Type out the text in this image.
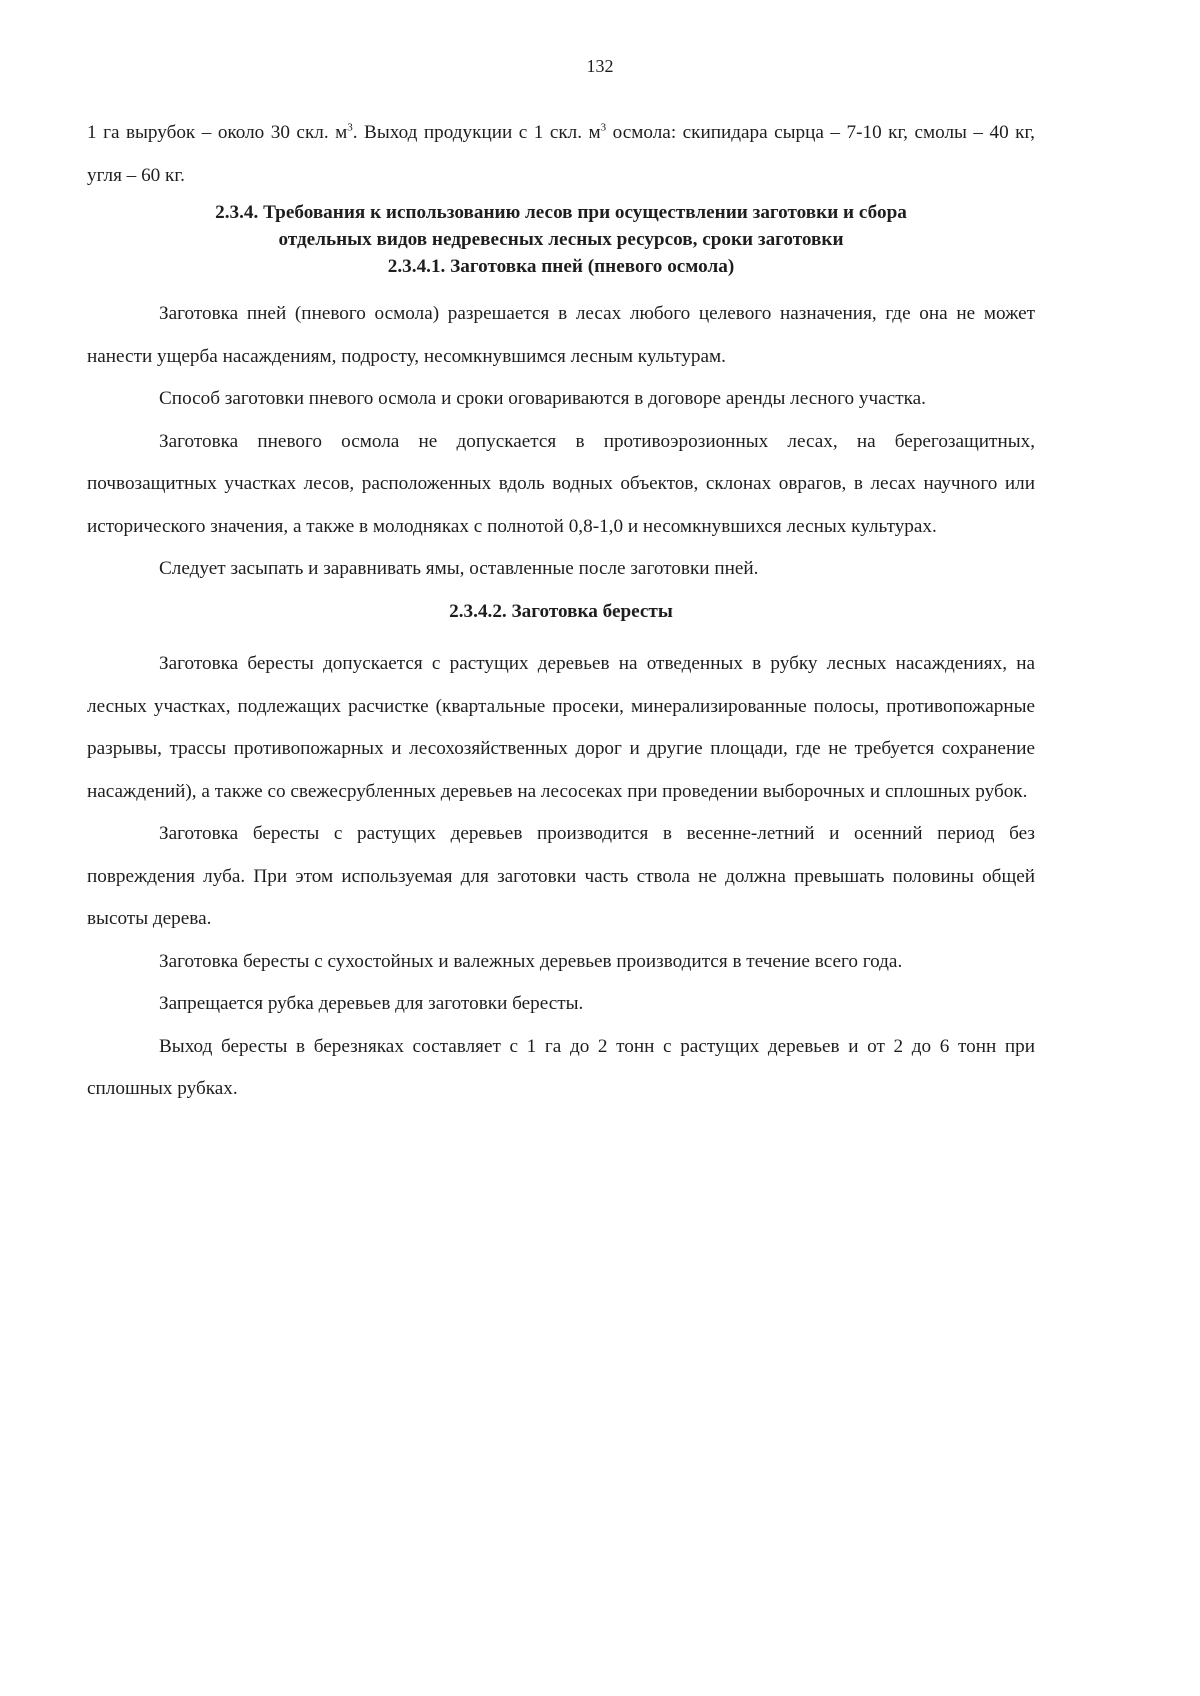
132

1 га вырубок – около 30 скл. $м^3$. Выход продукции с 1 скл. $м^3$ осмола: скипидара сырца – 7-10 кг, смолы – 40 кг, угля – 60 кг.

2.3.4. Требования к использованию лесов при осуществлении заготовки и сбора
отдельных видов недревесных лесных ресурсов, сроки заготовки
2.3.4.1. Заготовка пней (пневого осмола)

Заготовка пней (пневого осмола) разрешается в лесах любого целевого назначения, где она не может нанести ущерба насаждениям, подросту, несомкнувшимся лесным культурам.

Способ заготовки пневого осмола и сроки оговариваются в договоре аренды лесного участка.

Заготовка пневого осмола не допускается в противоэрозионных лесах, на берегозащитных, почвозащитных участках лесов, расположенных вдоль водных объектов, склонах оврагов, в лесах научного или исторического значения, а также в молодняках с полнотой 0,8-1,0 и несомкнувшихся лесных культурах.

Следует засыпать и заравнивать ямы, оставленные после заготовки пней.

2.3.4.2. Заготовка бересты

Заготовка бересты допускается с растущих деревьев на отведенных в рубку лесных насаждениях, на лесных участках, подлежащих расчистке (квартальные просеки, минерализированные полосы, противопожарные разрывы, трассы противопожарных и лесохозяйственных дорог и другие площади, где не требуется сохранение насаждений), а также со свежесрубленных деревьев на лесосеках при проведении выборочных и сплошных рубок.

Заготовка бересты с растущих деревьев производится в весенне-летний и осенний период без повреждения луба. При этом используемая для заготовки часть ствола не должна превышать половины общей высоты дерева.

Заготовка бересты с сухостойных и валежных деревьев производится в течение всего года.

Запрещается рубка деревьев для заготовки бересты.

Выход бересты в березняках составляет с 1 га до 2 тонн с растущих деревьев и от 2 до 6 тонн при сплошных рубках.
